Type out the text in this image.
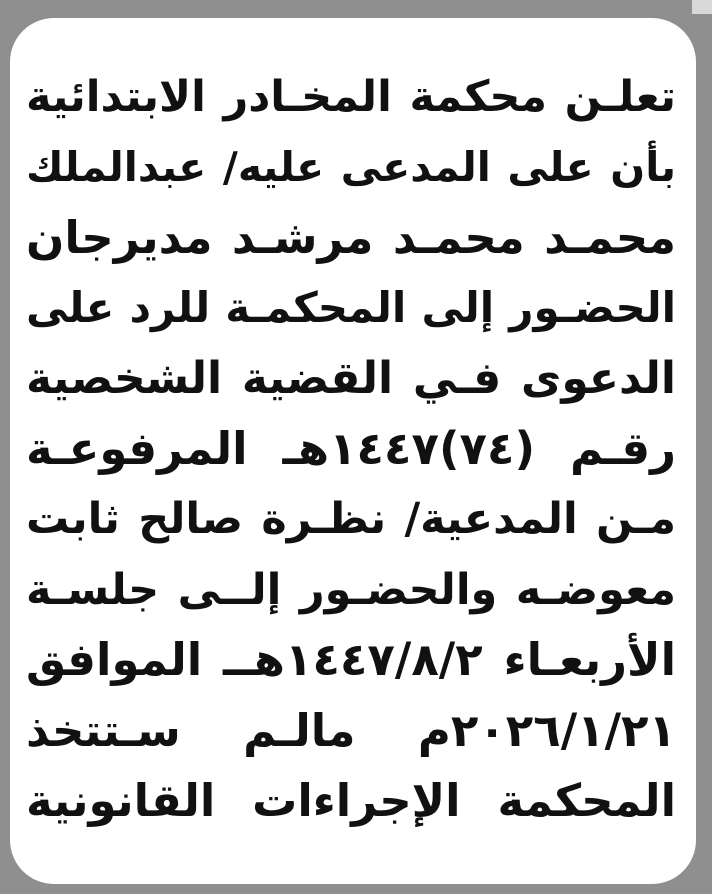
تعلـن محكمة المخـادر الابتدائية
بأن على المدعى عليه/ عبدالملك
محمـد محمـد مرشـد مديرجان
الحضـور إلى المحكمـة للرد على
الدعوى فـي القضية الشخصية
رقـم (٧٤)١٤٤٧هـ المرفوعـة
مـن المدعية/ نظـرة صالح ثابت
معوضـه والحضـور إلــى جلسـة
الأربعـاء ١٤٤٧/٨/٢هــ الموافق
٢٠٢٦/١/٢١م مالـم سـتتخذ
المحكمة الإجراءات القانونية
